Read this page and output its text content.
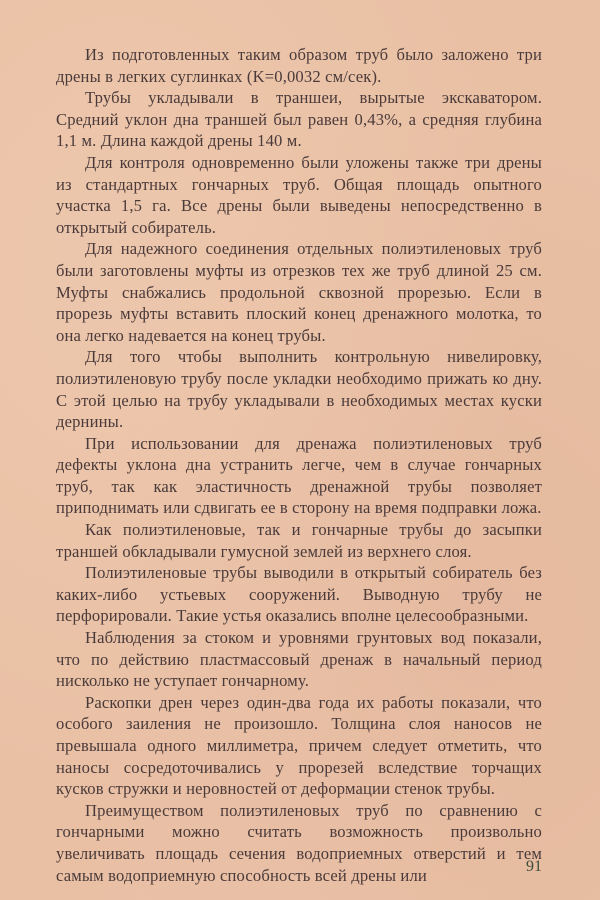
Из подготовленных таким образом труб было заложено три дрены в легких суглинках (K=0,0032 см/сек).

Трубы укладывали в траншеи, вырытые экскаватором. Средний уклон дна траншей был равен 0,43%, а средняя глубина 1,1 м. Длина каждой дрены 140 м.

Для контроля одновременно были уложены также три дрены из стандартных гончарных труб. Общая площадь опытного участка 1,5 га. Все дрены были выведены непосредственно в открытый собиратель.

Для надежного соединения отдельных полиэтиленовых труб были заготовлены муфты из отрезков тех же труб длиной 25 см. Муфты снабжались продольной сквозной прорезью. Если в прорезь муфты вставить плоский конец дренажного молотка, то она легко надевается на конец трубы.

Для того чтобы выполнить контрольную нивелировку, полиэтиленовую трубу после укладки необходимо прижать ко дну. С этой целью на трубу укладывали в необходимых местах куски дернины.

При использовании для дренажа полиэтиленовых труб дефекты уклона дна устранить легче, чем в случае гончарных труб, так как эластичность дренажной трубы позволяет приподнимать или сдвигать ее в сторону на время подправки ложа.

Как полиэтиленовые, так и гончарные трубы до засыпки траншей обкладывали гумусной землей из верхнего слоя.

Полиэтиленовые трубы выводили в открытый собиратель без каких-либо устьевых сооружений. Выводную трубу не перфорировали. Такие устья оказались вполне целесообразными.

Наблюдения за стоком и уровнями грунтовых вод показали, что по действию пластмассовый дренаж в начальный период нисколько не уступает гончарному.

Раскопки дрен через один-два года их работы показали, что особого заиления не произошло. Толщина слоя наносов не превышала одного миллиметра, причем следует отметить, что наносы сосредоточивались у прорезей вследствие торчащих кусков стружки и неровностей от деформации стенок трубы.

Преимуществом полиэтиленовых труб по сравнению с гончарными можно считать возможность произвольно увеличивать площадь сечения водоприемных отверстий и тем самым водоприемную способность всей дрены или	91
